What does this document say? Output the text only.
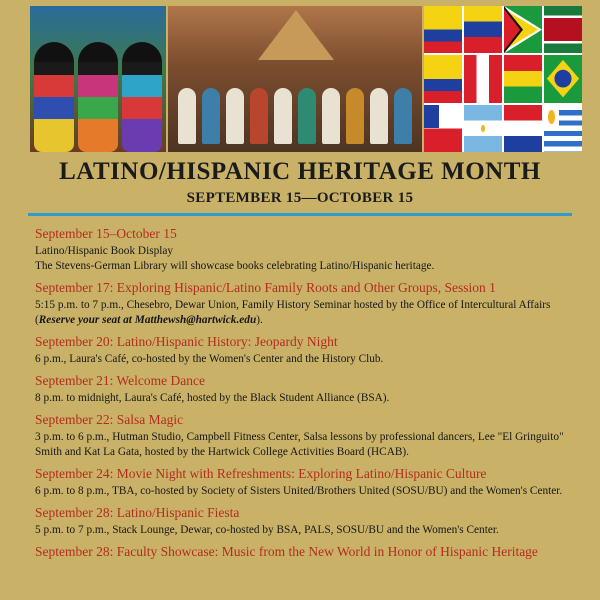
LATINO/HISPANIC HERITAGE MONTH
SEPTEMBER 15—OCTOBER 15

September 15–October 15

Latino/Hispanic Book Display

The Stevens-German Library will showcase books celebrating Latino/Hispanic heritage.

September 17: Exploring Hispanic/Latino Family Roots and Other Groups, Session 1

5:15 p.m. to 7 p.m., Chesebro, Dewar Union, Family History Seminar hosted by the Office of Intercultural Affairs (Reserve your seat at Matthewsh@hartwick.edu).

September 20: Latino/Hispanic History: Jeopardy Night

6 p.m., Laura's Café, co-hosted by the Women's Center and the History Club.

September 21: Welcome Dance

8 p.m. to midnight, Laura's Café, hosted by the Black Student Alliance (BSA).

September 22: Salsa Magic

3 p.m. to 6 p.m., Hutman Studio, Campbell Fitness Center, Salsa lessons by professional dancers, Lee "El Gringuito" Smith and Kat La Gata, hosted by the Hartwick College Activities Board (HCAB).

September 24: Movie Night with Refreshments: Exploring Latino/Hispanic Culture

6 p.m. to 8 p.m., TBA, co-hosted by Society of Sisters United/Brothers United (SOSU/BU) and the Women's Center.

September 28: Latino/Hispanic Fiesta

5 p.m. to 7 p.m., Stack Lounge, Dewar, co-hosted by BSA, PALS, SOSU/BU and the Women's Center.

September 28: Faculty Showcase: Music from the New World in Honor of Hispanic Heritage
